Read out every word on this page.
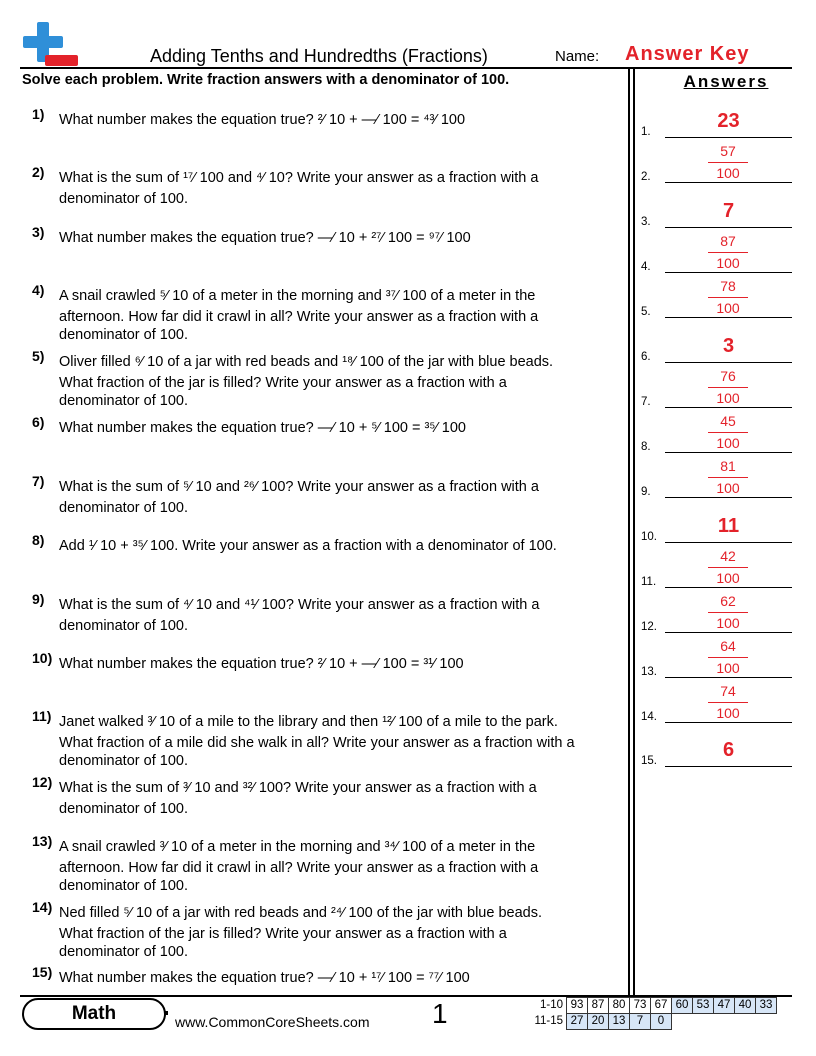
Adding Tenths and Hundredths (Fractions)	Name: Answer Key
Solve each problem. Write fraction answers with a denominator of 100.	Answers
1) What number makes the equation true? ²⁄ 10 + ―⁄ 100 = ⁴³⁄ 100
2) What is the sum of ¹⁷⁄ 100 and ⁴⁄ 10? Write your answer as a fraction with a
denominator of 100.
3) What number makes the equation true? ―⁄ 10 + ²⁷⁄ 100 = ⁹⁷⁄ 100
4) A snail crawled ⁵⁄ 10 of a meter in the morning and ³⁷⁄ 100 of a meter in the
afternoon. How far did it crawl in all? Write your answer as a fraction with a
denominator of 100.
5) Oliver filled ⁶⁄ 10 of a jar with red beads and ¹⁸⁄ 100 of the jar with blue beads.
What fraction of the jar is filled? Write your answer as a fraction with a
denominator of 100.
6) What number makes the equation true? ―⁄ 10 + ⁵⁄ 100 = ³⁵⁄ 100
7) What is the sum of ⁵⁄ 10 and ²⁶⁄ 100? Write your answer as a fraction with a
denominator of 100.
8) Add ¹⁄ 10 + ³⁵⁄ 100. Write your answer as a fraction with a denominator of 100.
9) What is the sum of ⁴⁄ 10 and ⁴¹⁄ 100? Write your answer as a fraction with a
denominator of 100.
10) What number makes the equation true? ²⁄ 10 + ―⁄ 100 = ³¹⁄ 100
11) Janet walked ³⁄ 10 of a mile to the library and then ¹²⁄ 100 of a mile to the park.
What fraction of a mile did she walk in all? Write your answer as a fraction with a
denominator of 100.
12) What is the sum of ³⁄ 10 and ³²⁄ 100? Write your answer as a fraction with a
denominator of 100.
13) A snail crawled ³⁄ 10 of a meter in the morning and ³⁴⁄ 100 of a meter in the
afternoon. How far did it crawl in all? Write your answer as a fraction with a
denominator of 100.
14) Ned filled ⁵⁄ 10 of a jar with red beads and ²⁴⁄ 100 of the jar with blue beads.
What fraction of the jar is filled? Write your answer as a fraction with a
denominator of 100.
15) What number makes the equation true? ―⁄ 10 + ¹⁷⁄ 100 = ⁷⁷⁄ 100
1.	23
2.
57
100
3.	7
4.
87
100
5.
78
100
6.	3
7.
76
100
8.
45
100
9.
81
100
10.	11
11.
42
100
12.
62
100
13.
64
100
14.
74
100
15.	6
Math	www.CommonCoreSheets.com 1	1-10	93	87	80	73	67	60	53	47	40	33
11-15	27	20	13	7	0					
